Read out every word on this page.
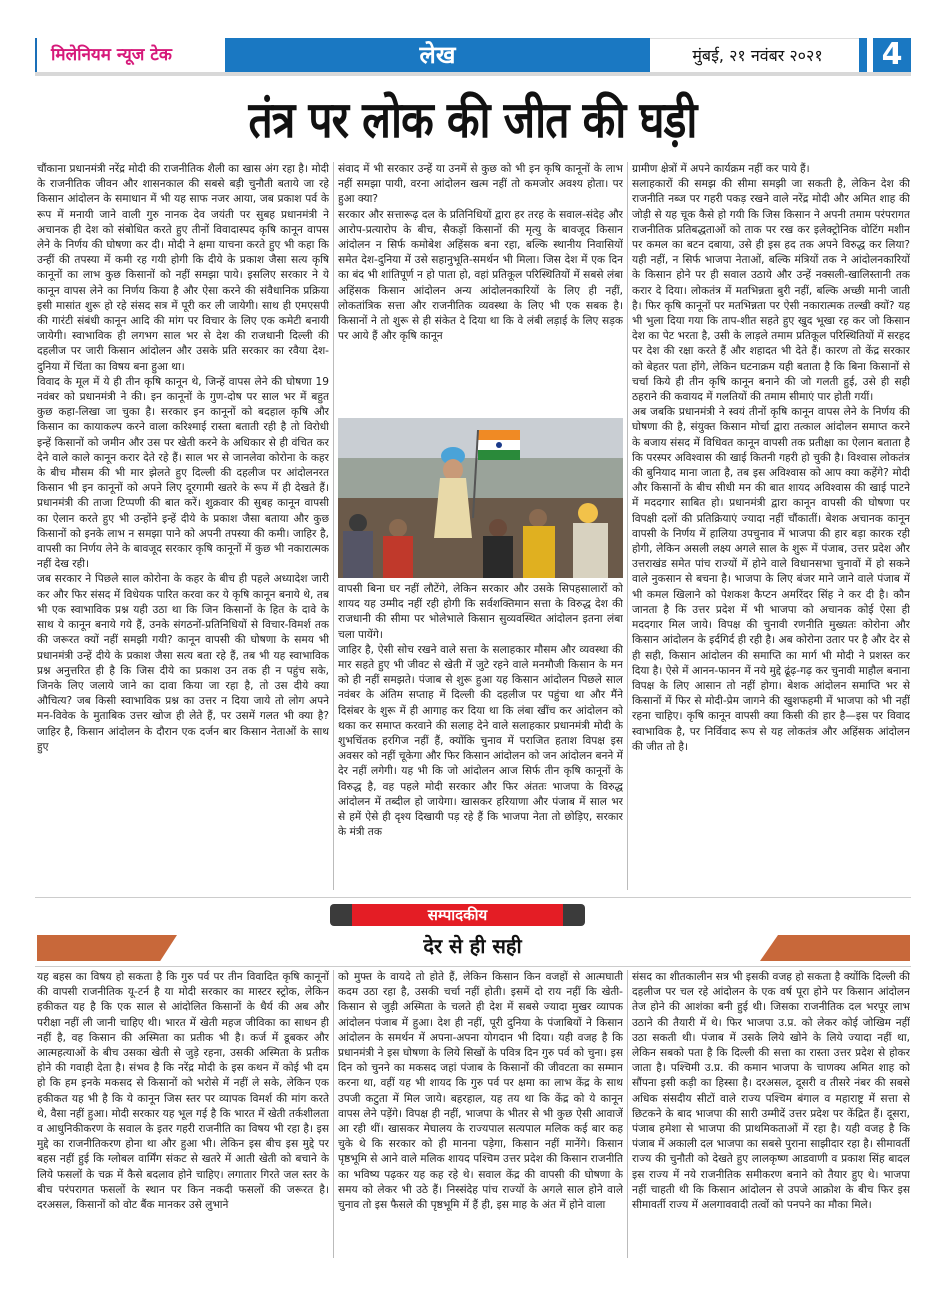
मिलेनियम न्यूज टेक	लेख	मुंबई, २१ नवंबर २०२१	4
तंत्र पर लोक की जीत की घड़ी

चौंकाना प्रधानमंत्री नरेंद्र मोदी की राजनीतिक शैली का खास अंग रहा है। मोदी के राजनीतिक जीवन और शासनकाल की सबसे बड़ी चुनौती बताये जा रहे किसान आंदोलन के समाधान में भी यह साफ नजर आया, जब प्रकाश पर्व के रूप में मनायी जाने वाली गुरु नानक देव जयंती पर सुबह प्रधानमंत्री ने अचानक ही देश को संबोधित करते हुए तीनों विवादास्पद कृषि कानून वापस लेने के निर्णय की घोषणा कर दी। मोदी ने क्षमा याचना करते हुए भी कहा कि उन्हीं की तपस्या में कमी रह गयी होगी कि दीये के प्रकाश जैसा सत्य कृषि कानूनों का लाभ कुछ किसानों को नहीं समझा पाये। इसलिए सरकार ने ये कानून वापस लेने का निर्णय किया है और ऐसा करने की संवैधानिक प्रक्रिया इसी मासांत शुरू हो रहे संसद सत्र में पूरी कर ली जायेगी। साथ ही एमएसपी की गारंटी संबंधी कानून आदि की मांग पर विचार के लिए एक कमेटी बनायी जायेगी। स्वाभाविक ही लगभग साल भर से देश की राजधानी दिल्ली की दहलीज पर जारी किसान आंदोलन और उसके प्रति सरकार का रवैया देश-दुनिया में चिंता का विषय बना हुआ था।

विवाद के मूल में ये ही तीन कृषि कानून थे, जिन्हें वापस लेने की घोषणा 19 नवंबर को प्रधानमंत्री ने की। इन कानूनों के गुण-दोष पर साल भर में बहुत कुछ कहा-लिखा जा चुका है। सरकार इन कानूनों को बदहाल कृषि और किसान का कायाकल्प करने वाला करिश्माई रास्ता बताती रही है तो विरोधी इन्हें किसानों को जमीन और उस पर खेती करने के अधिकार से ही वंचित कर देने वाले काले कानून करार देते रहे हैं। साल भर से जानलेवा कोरोना के कहर के बीच मौसम की भी मार झेलते हुए दिल्ली की दहलीज पर आंदोलनरत किसान भी इन कानूनों को अपने लिए दूरगामी खतरे के रूप में ही देखते हैं। प्रधानमंत्री की ताजा टिप्पणी की बात करें। शुक्रवार की सुबह कानून वापसी का ऐलान करते हुए भी उन्होंने इन्हें दीये के प्रकाश जैसा बताया और कुछ किसानों को इनके लाभ न समझा पाने को अपनी तपस्या की कमी। जाहिर है, वापसी का निर्णय लेने के बावजूद सरकार कृषि कानूनों में कुछ भी नकारात्मक नहीं देख रही।

जब सरकार ने पिछले साल कोरोना के कहर के बीच ही पहले अध्यादेश जारी कर और फिर संसद में विधेयक पारित करवा कर ये कृषि कानून बनाये थे, तब भी एक स्वाभाविक प्रश्न यही उठा था कि जिन किसानों के हित के दावे के साथ ये कानून बनाये गये हैं, उनके संगठनों-प्रतिनिधियों से विचार-विमर्श तक की जरूरत क्यों नहीं समझी गयी? कानून वापसी की घोषणा के समय भी प्रधानमंत्री उन्हें दीये के प्रकाश जैसा सत्य बता रहे हैं, तब भी यह स्वाभाविक प्रश्न अनुत्तरित ही है कि जिस दीये का प्रकाश उन तक ही न पहुंच सके, जिनके लिए जलाये जाने का दावा किया जा रहा है, तो उस दीये क्या औचित्य? जब किसी स्वाभाविक प्रश्न का उत्तर न दिया जाये तो लोग अपने मन-विवेक के मुताबिक उत्तर खोज ही लेते हैं, पर उसमें गलत भी क्या है? जाहिर है, किसान आंदोलन के दौरान एक दर्जन बार किसान नेताओं के साथ हुए

संवाद में भी सरकार उन्हें या उनमें से कुछ को भी इन कृषि कानूनों के लाभ नहीं समझा पायी, वरना आंदोलन खत्म नहीं तो कमजोर अवश्य होता। पर हुआ क्या?

सरकार और सत्तारूढ़ दल के प्रतिनिधियों द्वारा हर तरह के सवाल-संदेह और आरोप-प्रत्यारोप के बीच, सैकड़ों किसानों की मृत्यु के बावजूद किसान आंदोलन न सिर्फ कमोबेश अहिंसक बना रहा, बल्कि स्थानीय निवासियों समेत देश-दुनिया में उसे सहानुभूति-समर्थन भी मिला। जिस देश में एक दिन का बंद भी शांतिपूर्ण न हो पाता हो, वहां प्रतिकूल परिस्थितियों में सबसे लंबा अहिंसक किसान आंदोलन अन्य आंदोलनकारियों के लिए ही नहीं, लोकतांत्रिक सत्ता और राजनीतिक व्यवस्था के लिए भी एक सबक है। किसानों ने तो शुरू से ही संकेत दे दिया था कि वे लंबी लड़ाई के लिए सड़क पर आये हैं और कृषि कानून

वापसी बिना घर नहीं लौटेंगे, लेकिन सरकार और उसके सिपहसालारों को शायद यह उम्मीद नहीं रही होगी कि सर्वशक्तिमान सत्ता के विरुद्ध देश की राजधानी की सीमा पर भोलेभाले किसान सुव्यवस्थित आंदोलन इतना लंबा चला पायेंगे।

जाहिर है, ऐसी सोच रखने वाले सत्ता के सलाहकार मौसम और व्यवस्था की मार सहते हुए भी जीवट से खेती में जुटे रहने वाले मनमौजी किसान के मन को ही नहीं समझते। पंजाब से शुरू हुआ यह किसान आंदोलन पिछले साल नवंबर के अंतिम सप्ताह में दिल्ली की दहलीज पर पहुंचा था और मैंने दिसंबर के शुरू में ही आगाह कर दिया था कि लंबा खींच कर आंदोलन को थका कर समाप्त करवाने की सलाह देने वाले सलाहकार प्रधानमंत्री मोदी के शुभचिंतक हरगिज नहीं हैं, क्योंकि चुनाव में पराजित हताश विपक्ष इस अवसर को नहीं चूकेगा और फिर किसान आंदोलन को जन आंदोलन बनने में देर नहीं लगेगी। यह भी कि जो आंदोलन आज सिर्फ तीन कृषि कानूनों के विरुद्ध है, वह पहले मोदी सरकार और फिर अंततः भाजपा के विरुद्ध आंदोलन में तब्दील हो जायेगा। खासकर हरियाणा और पंजाब में साल भर से हमें ऐसे ही दृश्य दिखायी पड़ रहे हैं कि भाजपा नेता तो छोड़िए, सरकार के मंत्री तक

ग्रामीण क्षेत्रों में अपने कार्यक्रम नहीं कर पाये हैं।

सलाहकारों की समझ की सीमा समझी जा सकती है, लेकिन देश की राजनीति नब्ज पर गहरी पकड़ रखने वाले नरेंद्र मोदी और अमित शाह की जोड़ी से यह चूक कैसे हो गयी कि जिस किसान ने अपनी तमाम परंपरागत राजनीतिक प्रतिबद्धताओं को ताक पर रख कर इलेक्ट्रोनिक वोटिंग मशीन पर कमल का बटन दबाया, उसे ही इस हद तक अपने विरुद्ध कर लिया? यही नहीं, न सिर्फ भाजपा नेताओं, बल्कि मंत्रियों तक ने आंदोलनकारियों के किसान होने पर ही सवाल उठाये और उन्हें नक्सली-खालिस्तानी तक करार दे दिया। लोकतंत्र में मतभिन्नता बुरी नहीं, बल्कि अच्छी मानी जाती है। फिर कृषि कानूनों पर मतभिन्नता पर ऐसी नकारात्मक तल्खी क्यों? यह भी भुला दिया गया कि ताप-शीत सहते हुए खुद भूखा रह कर जो किसान देश का पेट भरता है, उसी के लाड़ले तमाम प्रतिकूल परिस्थितियों में सरहद पर देश की रक्षा करते हैं और शहादत भी देते हैं। कारण तो केंद्र सरकार को बेहतर पता होंगे, लेकिन घटनाक्रम यही बताता है कि बिना किसानों से चर्चा किये ही तीन कृषि कानून बनाने की जो गलती हुई, उसे ही सही ठहराने की कवायद में गलतियों की तमाम सीमाएं पार होती गयीं।

अब जबकि प्रधानमंत्री ने स्वयं तीनों कृषि कानून वापस लेने के निर्णय की घोषणा की है, संयुक्त किसान मोर्चा द्वारा तत्काल आंदोलन समाप्त करने के बजाय संसद में विधिवत कानून वापसी तक प्रतीक्षा का ऐलान बताता है कि परस्पर अविश्वास की खाई कितनी गहरी हो चुकी है। विश्वास लोकतंत्र की बुनियाद माना जाता है, तब इस अविश्वास को आप क्या कहेंगे? मोदी और किसानों के बीच सीधी मन की बात शायद अविश्वास की खाई पाटने में मददगार साबित हो। प्रधानमंत्री द्वारा कानून वापसी की घोषणा पर विपक्षी दलों की प्रतिक्रियाएं ज्यादा नहीं चौंकातीं। बेशक अचानक कानून वापसी के निर्णय में हालिया उपचुनाव में भाजपा की हार बड़ा कारक रही होगी, लेकिन असली लक्ष्य अगले साल के शुरू में पंजाब, उत्तर प्रदेश और उत्तराखंड समेत पांच राज्यों में होने वाले विधानसभा चुनावों में हो सकने वाले नुकसान से बचना है। भाजपा के लिए बंजर माने जाने वाले पंजाब में भी कमल खिलाने को पेशकश कैप्टन अमरिंदर सिंह ने कर दी है। कौन जानता है कि उत्तर प्रदेश में भी भाजपा को अचानक कोई ऐसा ही मददगार मिल जाये। विपक्ष की चुनावी रणनीति मुख्यतः कोरोना और किसान आंदोलन के इर्दगिर्द ही रही है। अब कोरोना उतार पर है और देर से ही सही, किसान आंदोलन की समाप्ति का मार्ग भी मोदी ने प्रशस्त कर दिया है। ऐसे में आनन-फानन में नये मुद्दे ढूंढ़-गढ़ कर चुनावी माहौल बनाना विपक्ष के लिए आसान तो नहीं होगा। बेशक आंदोलन समाप्ति भर से किसानों में फिर से मोदी-प्रेम जागने की खुशफहमी में भाजपा को भी नहीं रहना चाहिए। कृषि कानून वापसी क्या किसी की हार है—इस पर विवाद स्वाभाविक है, पर निर्विवाद रूप से यह लोकतंत्र और अहिंसक आंदोलन की जीत तो है।

सम्पादकीय
देर से ही सही

यह बहस का विषय हो सकता है कि गुरु पर्व पर तीन विवादित कृषि कानूनों की वापसी राजनीतिक यू-टर्न है या मोदी सरकार का मास्टर स्ट्रोक, लेकिन हकीकत यह है कि एक साल से आंदोलित किसानों के धैर्य की अब और परीक्षा नहीं ली जानी चाहिए थी। भारत में खेती महज जीविका का साधन ही नहीं है, वह किसान की अस्मिता का प्रतीक भी है। कर्ज में डूबकर और आत्महत्याओं के बीच उसका खेती से जुड़े रहना, उसकी अस्मिता के प्रतीक होने की गवाही देता है। संभव है कि नरेंद्र मोदी के इस कथन में कोई भी दम हो कि हम इनके मकसद से किसानों को भरोसे में नहीं ले सके, लेकिन एक हकीकत यह भी है कि ये कानून जिस स्तर पर व्यापक विमर्श की मांग करते थे, वैसा नहीं हुआ। मोदी सरकार यह भूल गई है कि भारत में खेती तर्कशीलता व आधुनिकीकरण के सवाल के इतर गहरी राजनीति का विषय भी रहा है। इस मुद्दे का राजनीतिकरण होना था और हुआ भी। लेकिन इस बीच इस मुद्दे पर बहस नहीं हुई कि ग्लोबल वार्मिंग संकट से खतरे में आती खेती को बचाने के लिये फसलों के चक्र में कैसे बदलाव होने चाहिए। लगातार गिरते जल स्तर के बीच परंपरागत फसलों के स्थान पर किन नकदी फसलों की जरूरत है। दरअसल, किसानों को वोट बैंक मानकर उसे लुभाने

को मुफ्त के वायदे तो होते हैं, लेकिन किसान किन वजहों से आत्मघाती कदम उठा रहा है, उसकी चर्चा नहीं होती। इसमें दो राय नहीं कि खेती-किसान से जुड़ी अस्मिता के चलते ही देश में सबसे ज्यादा मुखर व्यापक आंदोलन पंजाब में हुआ। देश ही नहीं, पूरी दुनिया के पंजाबियों ने किसान आंदोलन के समर्थन में अपना-अपना योगदान भी दिया। यही वजह है कि प्रधानमंत्री ने इस घोषणा के लिये सिखों के पवित्र दिन गुरु पर्व को चुना। इस दिन को चुनने का मकसद जहां पंजाब के किसानों की जीवटता का सम्मान करना था, वहीं यह भी शायद कि गुरु पर्व पर क्षमा का लाभ केंद्र के साथ उपजी कटुता में मिल जाये। बहरहाल, यह तय था कि केंद्र को ये कानून वापस लेने पड़ेंगे। विपक्ष ही नहीं, भाजपा के भीतर से भी कुछ ऐसी आवाजें आ रही थीं। खासकर मेघालय के राज्यपाल सत्यपाल मलिक कई बार कह चुके थे कि सरकार को ही मानना पड़ेगा, किसान नहीं मानेंगे। किसान पृष्ठभूमि से आने वाले मलिक शायद पश्चिम उत्तर प्रदेश की किसान राजनीति का भविष्य पढ़कर यह कह रहे थे। सवाल केंद्र की वापसी की घोषणा के समय को लेकर भी उठे हैं। निस्संदेह पांच राज्यों के अगले साल होने वाले चुनाव तो इस फैसले की पृष्ठभूमि में हैं ही, इस माह के अंत में होने वाला

संसद का शीतकालीन सत्र भी इसकी वजह हो सकता है क्योंकि दिल्ली की दहलीज पर चल रहे आंदोलन के एक वर्ष पूरा होने पर किसान आंदोलन तेज होने की आशंका बनी हुई थी। जिसका राजनीतिक दल भरपूर लाभ उठाने की तैयारी में थे। फिर भाजपा उ.प्र. को लेकर कोई जोखिम नहीं उठा सकती थी। पंजाब में उसके लिये खोने के लिये ज्यादा नहीं था, लेकिन सबको पता है कि दिल्ली की सत्ता का रास्ता उत्तर प्रदेश से होकर जाता है। पश्चिमी उ.प्र. की कमान भाजपा के चाणक्य अमित शाह को सौंपना इसी कड़ी का हिस्सा है। दरअसल, दूसरी व तीसरे नंबर की सबसे अधिक संसदीय सीटों वाले राज्य पश्चिम बंगाल व महाराष्ट्र में सत्ता से छिटकने के बाद भाजपा की सारी उम्मीदें उत्तर प्रदेश पर केंद्रित हैं। दूसरा, पंजाब हमेशा से भाजपा की प्राथमिकताओं में रहा है। यही वजह है कि पंजाब में अकाली दल भाजपा का सबसे पुराना साझीदार रहा है। सीमावर्ती राज्य की चुनौती को देखते हुए लालकृष्ण आडवाणी व प्रकाश सिंह बादल इस राज्य में नये राजनीतिक समीकरण बनाने को तैयार हुए थे। भाजपा नहीं चाहती थी कि किसान आंदोलन से उपजे आक्रोश के बीच फिर इस सीमावर्ती राज्य में अलगाववादी तत्वों को पनपने का मौका मिले।
